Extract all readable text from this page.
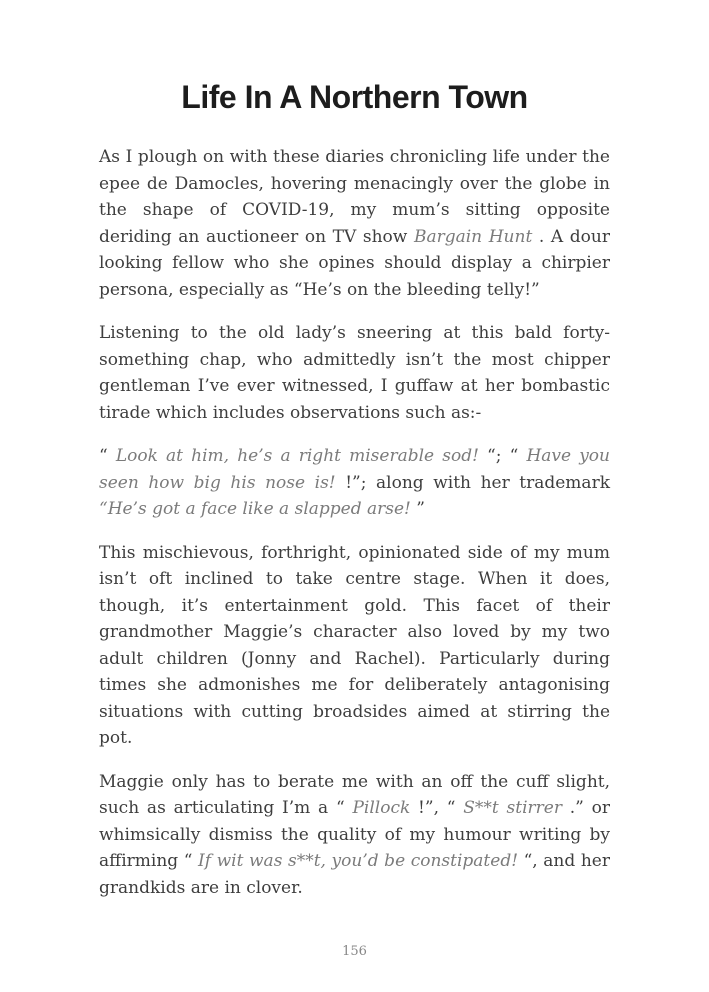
Life In A Northern Town

As I plough on with these diaries chronicling life under the epee de Damocles, hovering menacingly over the globe in the shape of COVID-19, my mum’s sitting opposite deriding an auctioneer on TV show Bargain Hunt . A dour looking fellow who she opines should display a chirpier persona, especially as “He’s on the bleeding telly!”

Listening to the old lady’s sneering at this bald forty-something chap, who admittedly isn’t the most chipper gentleman I’ve ever witnessed, I guffaw at her bombastic tirade which includes observations such as:-

“ Look at him, he’s a right miserable sod! “; “ Have you seen how big his nose is! !”; along with her trademark “He’s got a face like a slapped arse! ”

This mischievous, forthright, opinionated side of my mum isn’t oft inclined to take centre stage. When it does, though, it’s entertainment gold. This facet of their grandmother Maggie’s character also loved by my two adult children (Jonny and Rachel). Particularly during times she admonishes me for deliberately antagonising situations with cutting broadsides aimed at stirring the pot.

Maggie only has to berate me with an off the cuff slight, such as articulating I’m a “ Pillock !”, “ S**t stirrer .” or whimsically dismiss the quality of my humour writing by affirming “ If wit was s**t, you’d be constipated! “, and her grandkids are in clover.

156
